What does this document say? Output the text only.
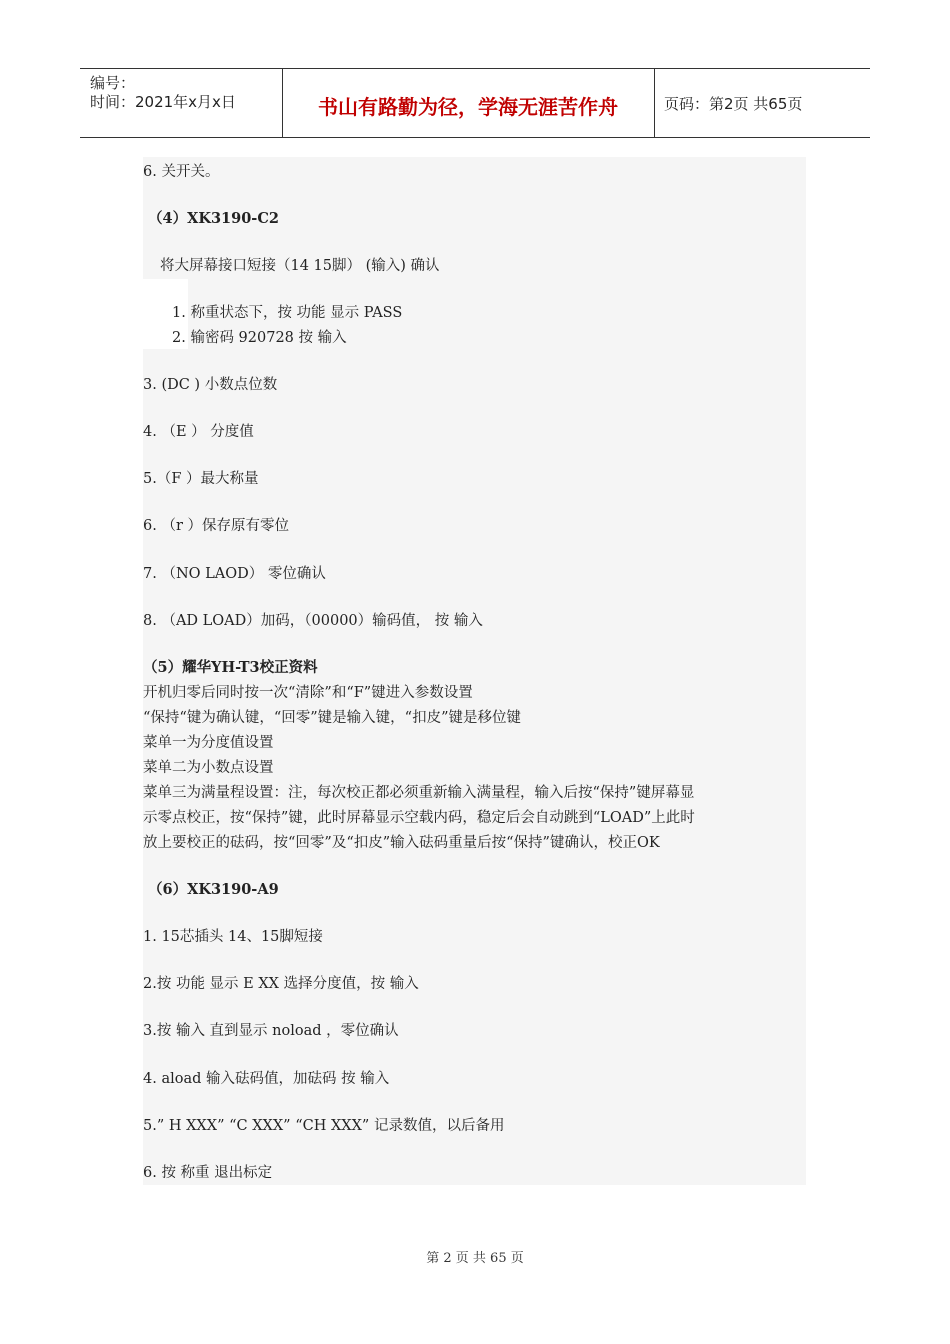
编号：
时间：2021年x月x日	书山有路勤为径，学海无涯苦作舟	页码：第2页 共65页
6. 关开关。
（4）XK3190-C2
将大屏幕接口短接（14 15脚） (输入) 确认
1. 称重状态下，按 功能 显示 PASS
2. 输密码 920728 按 输入
3. (DC ) 小数点位数
4. （E ） 分度值
5.（F ）最大称量
6. （r ）保存原有零位
7. （NO LAOD） 零位确认
8. （AD LOAD）加码，（00000）输码值， 按 输入
（5）耀华YH-T3校正资料
开机归零后同时按一次“清除”和“F”键进入参数设置
“保持“键为确认键，“回零”键是输入键，“扣皮”键是移位键
菜单一为分度值设置
菜单二为小数点设置
菜单三为满量程设置：注，每次校正都必须重新输入满量程，输入后按“保持”键屏幕显
示零点校正，按“保持”键，此时屏幕显示空载内码，稳定后会自动跳到“LOAD”上此时
放上要校正的砝码，按“回零”及“扣皮”输入砝码重量后按“保持”键确认，校正OK
（6）XK3190-A9
1. 15芯插头 14、15脚短接
2.按 功能 显示 E XX 选择分度值，按 输入
3.按 输入 直到显示 noload ，零位确认
4. aload 输入砝码值，加砝码 按 输入
5.” H XXX” “C XXX” “CH XXX” 记录数值，以后备用
6. 按 称重 退出标定
第 2 页 共 65 页
